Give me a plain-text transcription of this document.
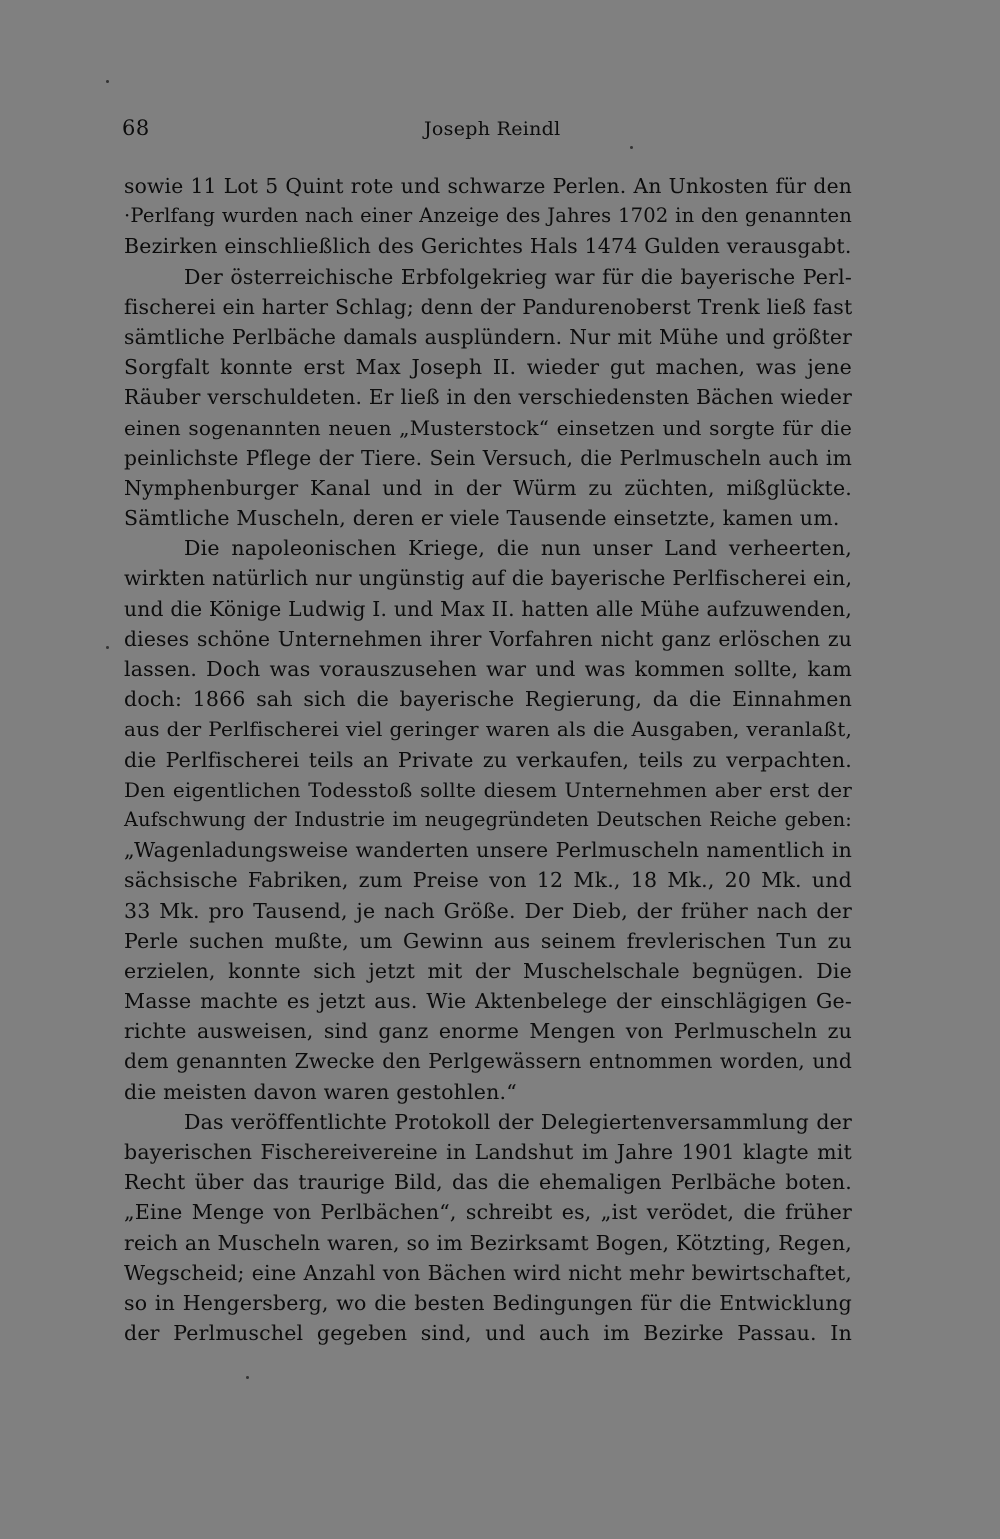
68	Joseph Reindl
sowie 11 Lot 5 Quint rote und schwarze Perlen. An Unkosten für den
·Perlfang wurden nach einer Anzeige des Jahres 1702 in den genannten
Bezirken einschließlich des Gerichtes Hals 1474 Gulden verausgabt.
Der österreichische Erbfolgekrieg war für die bayerische Perl-
fischerei ein harter Schlag; denn der Pandurenoberst Trenk ließ fast
sämtliche Perlbäche damals ausplündern. Nur mit Mühe und größter
Sorgfalt konnte erst Max Joseph II. wieder gut machen, was jene
Räuber verschuldeten. Er ließ in den verschiedensten Bächen wieder
einen sogenannten neuen „Musterstock“ einsetzen und sorgte für die
peinlichste Pflege der Tiere. Sein Versuch, die Perlmuscheln auch im
Nymphenburger Kanal und in der Würm zu züchten, mißglückte.
Sämtliche Muscheln, deren er viele Tausende einsetzte, kamen um.
Die napoleonischen Kriege, die nun unser Land verheerten,
wirkten natürlich nur ungünstig auf die bayerische Perlfischerei ein,
und die Könige Ludwig I. und Max II. hatten alle Mühe aufzuwenden,
dieses schöne Unternehmen ihrer Vorfahren nicht ganz erlöschen zu
lassen. Doch was vorauszusehen war und was kommen sollte, kam
doch: 1866 sah sich die bayerische Regierung, da die Einnahmen
aus der Perlfischerei viel geringer waren als die Ausgaben, veranlaßt,
die Perlfischerei teils an Private zu verkaufen, teils zu verpachten.
Den eigentlichen Todesstoß sollte diesem Unternehmen aber erst der
Aufschwung der Industrie im neugegründeten Deutschen Reiche geben:
„Wagenladungsweise wanderten unsere Perlmuscheln namentlich in
sächsische Fabriken, zum Preise von 12 Mk., 18 Mk., 20 Mk. und
33 Mk. pro Tausend, je nach Größe. Der Dieb, der früher nach der
Perle suchen mußte, um Gewinn aus seinem frevlerischen Tun zu
erzielen, konnte sich jetzt mit der Muschelschale begnügen. Die
Masse machte es jetzt aus. Wie Aktenbelege der einschlägigen Ge-
richte ausweisen, sind ganz enorme Mengen von Perlmuscheln zu
dem genannten Zwecke den Perlgewässern entnommen worden, und
die meisten davon waren gestohlen.“
Das veröffentlichte Protokoll der Delegiertenversammlung der
bayerischen Fischereivereine in Landshut im Jahre 1901 klagte mit
Recht über das traurige Bild, das die ehemaligen Perlbäche boten.
„Eine Menge von Perlbächen“, schreibt es, „ist verödet, die früher
reich an Muscheln waren, so im Bezirksamt Bogen, Kötzting, Regen,
Wegscheid; eine Anzahl von Bächen wird nicht mehr bewirtschaftet,
so in Hengersberg, wo die besten Bedingungen für die Entwicklung
der Perlmuschel gegeben sind, und auch im Bezirke Passau. In
